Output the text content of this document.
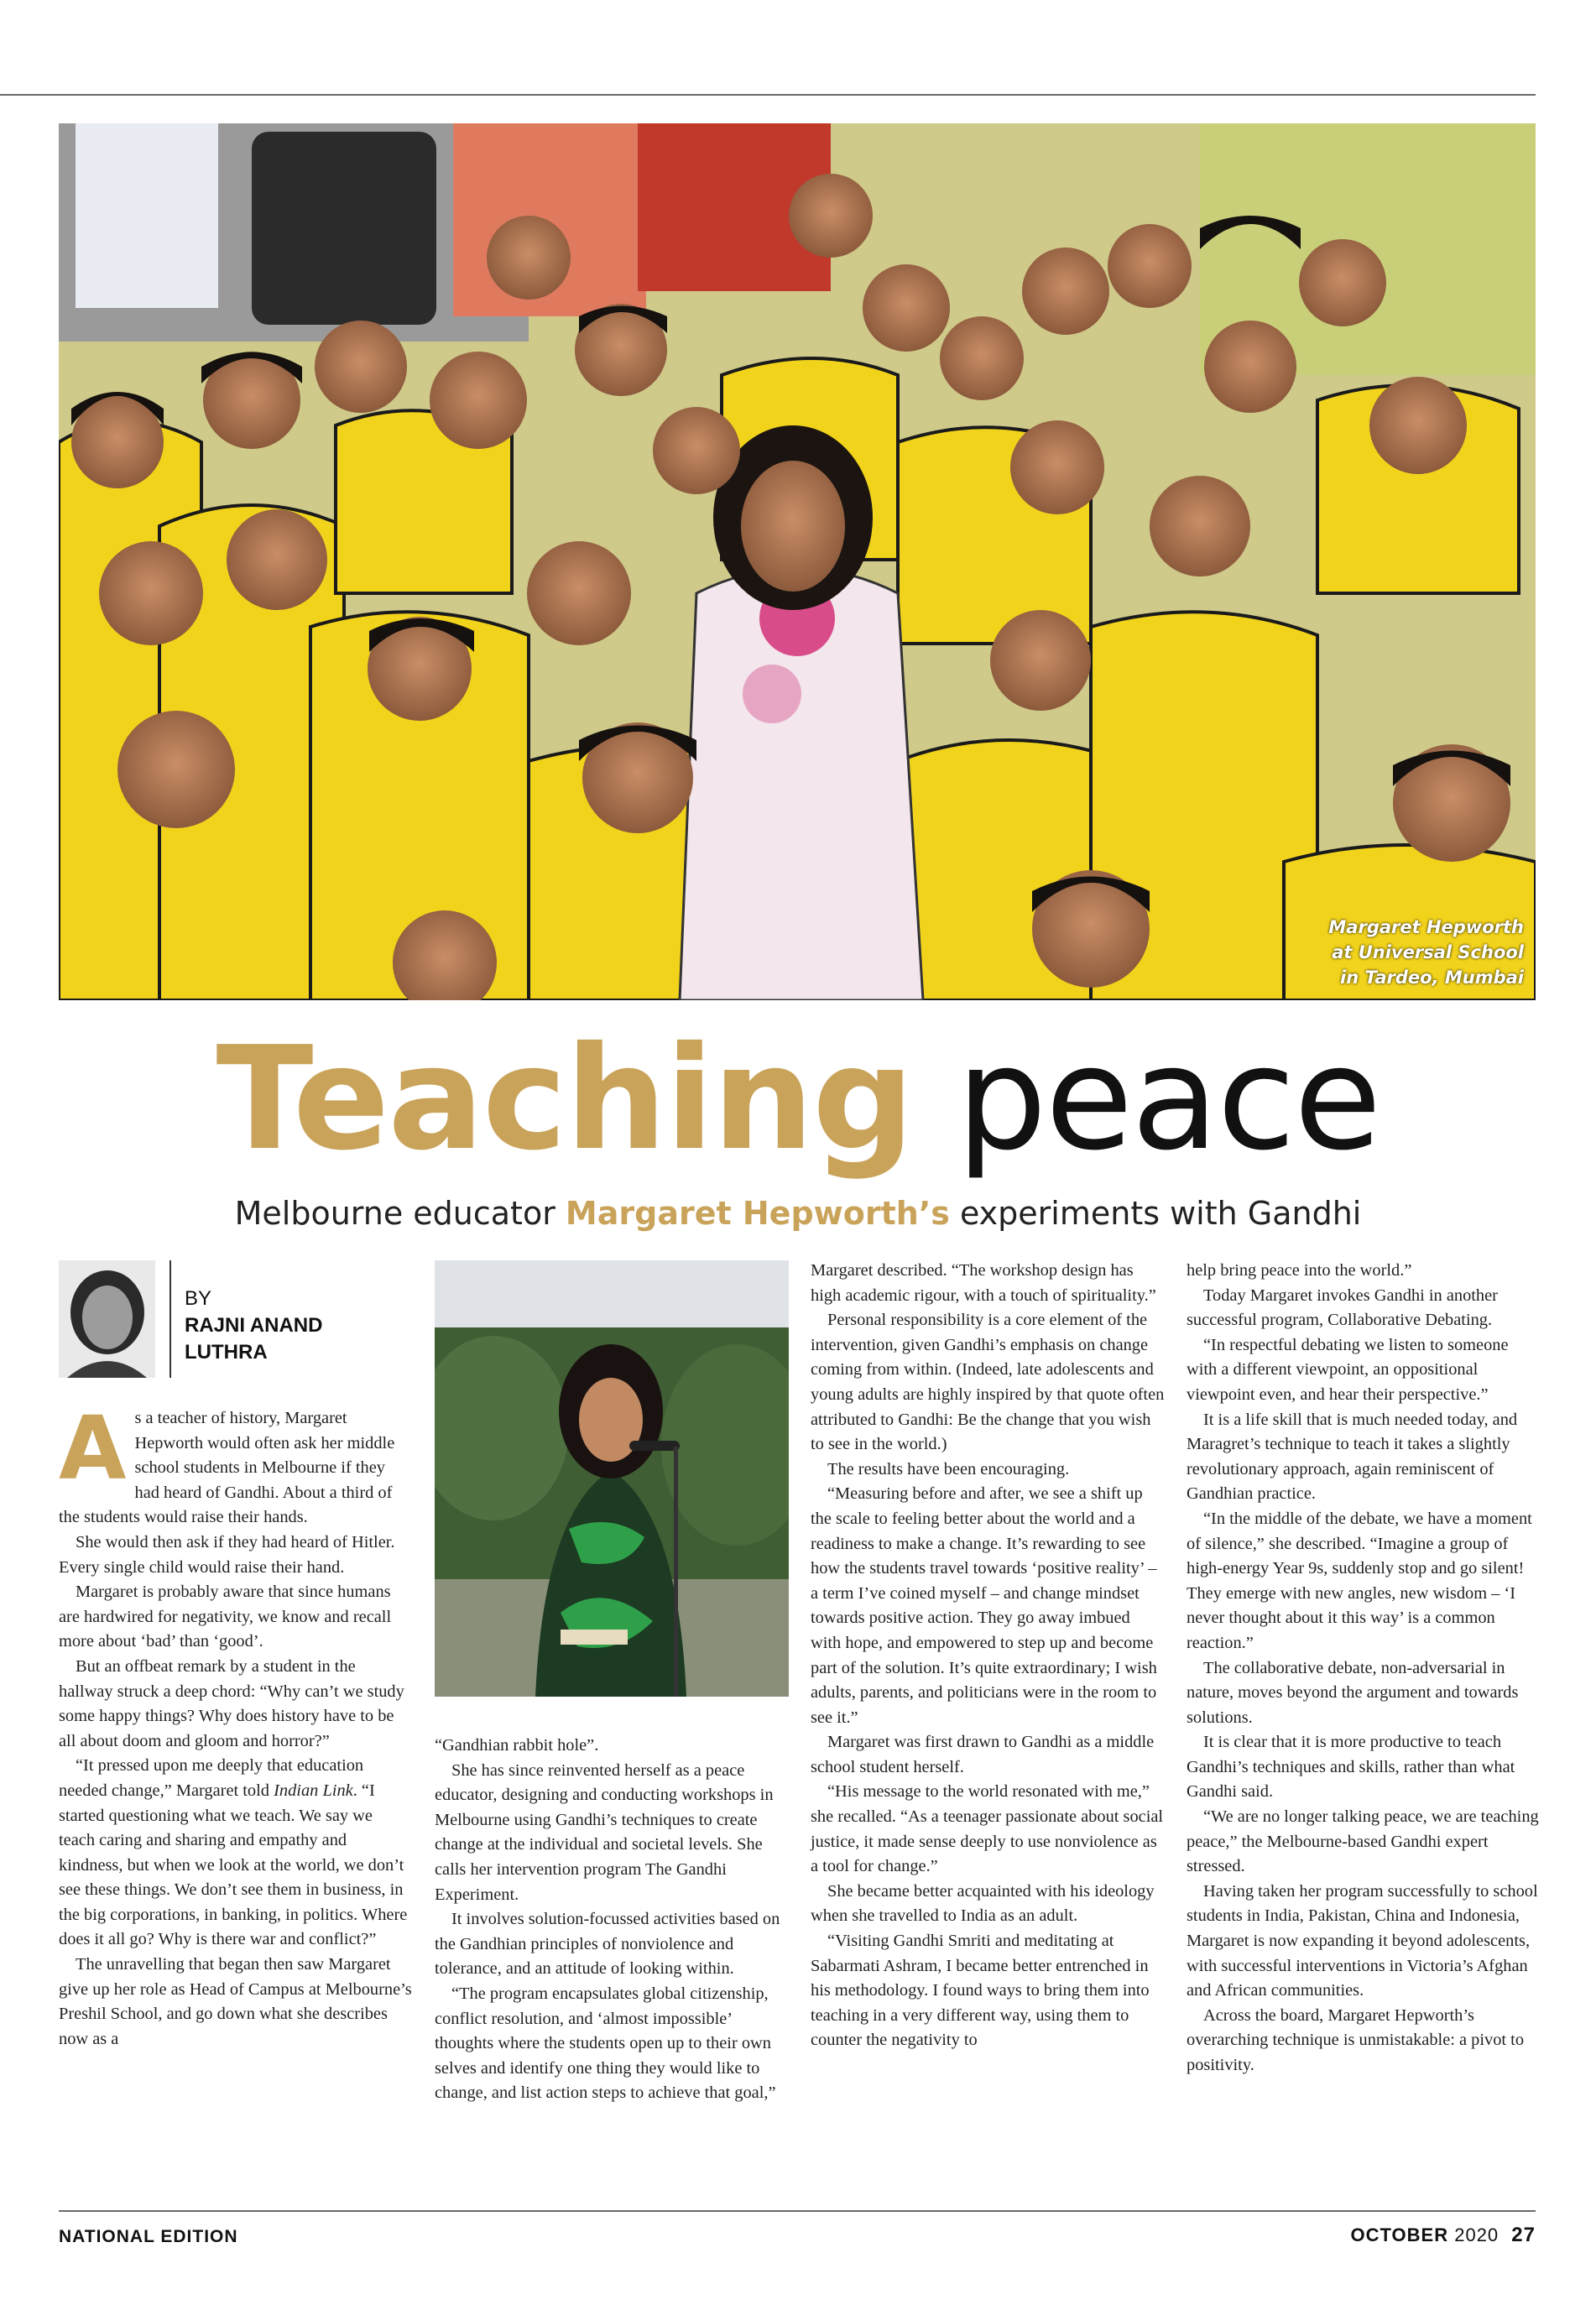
Margaret Hepworth
at Universal School
in Tardeo, Mumbai
Teaching peace
Melbourne educator Margaret Hepworth’s experiments with Gandhi
BY
RAJNI ANAND
LUTHRA

As a teacher of history, Margaret Hepworth would often ask her middle school students in Melbourne if they had heard of Gandhi. About a third of the students would raise their hands.

She would then ask if they had heard of Hitler. Every single child would raise their hand.

Margaret is probably aware that since humans are hardwired for negativity, we know and recall more about ‘bad’ than ‘good’.

But an offbeat remark by a student in the hallway struck a deep chord: “Why can’t we study some happy things? Why does history have to be all about doom and gloom and horror?”

“It pressed upon me deeply that education needed change,” Margaret told Indian Link. “I started questioning what we teach. We say we teach caring and sharing and empathy and kindness, but when we look at the world, we don’t see these things. We don’t see them in business, in the big corporations, in banking, in politics. Where does it all go? Why is there war and conflict?”

The unravelling that began then saw Margaret give up her role as Head of Campus at Melbourne’s Preshil School, and go down what she describes now as a

“Gandhian rabbit hole”.

She has since reinvented herself as a peace educator, designing and conducting workshops in Melbourne using Gandhi’s techniques to create change at the individual and societal levels. She calls her intervention program The Gandhi Experiment.

It involves solution-focussed activities based on the Gandhian principles of nonviolence and tolerance, and an attitude of looking within.

“The program encapsulates global citizenship, conflict resolution, and ‘almost impossible’ thoughts where the students open up to their own selves and identify one thing they would like to change, and list action steps to achieve that goal,”

Margaret described. “The workshop design has high academic rigour, with a touch of spirituality.”

Personal responsibility is a core element of the intervention, given Gandhi’s emphasis on change coming from within. (Indeed, late adolescents and young adults are highly inspired by that quote often attributed to Gandhi: Be the change that you wish to see in the world.)

The results have been encouraging.

“Measuring before and after, we see a shift up the scale to feeling better about the world and a readiness to make a change. It’s rewarding to see how the students travel towards ‘positive reality’ – a term I’ve coined myself – and change mindset towards positive action. They go away imbued with hope, and empowered to step up and become part of the solution. It’s quite extraordinary; I wish adults, parents, and politicians were in the room to see it.”

Margaret was first drawn to Gandhi as a middle school student herself.

“His message to the world resonated with me,” she recalled. “As a teenager passionate about social justice, it made sense deeply to use nonviolence as a tool for change.”

She became better acquainted with his ideology when she travelled to India as an adult.

“Visiting Gandhi Smriti and meditating at Sabarmati Ashram, I became better entrenched in his methodology. I found ways to bring them into teaching in a very different way, using them to counter the negativity to

help bring peace into the world.”

Today Margaret invokes Gandhi in another successful program, Collaborative Debating.

“In respectful debating we listen to someone with a different viewpoint, an oppositional viewpoint even, and hear their perspective.”

It is a life skill that is much needed today, and Maragret’s technique to teach it takes a slightly revolutionary approach, again reminiscent of Gandhian practice.

“In the middle of the debate, we have a moment of silence,” she described. “Imagine a group of high-energy Year 9s, suddenly stop and go silent! They emerge with new angles, new wisdom – ‘I never thought about it this way’ is a common reaction.”

The collaborative debate, non-adversarial in nature, moves beyond the argument and towards solutions.

It is clear that it is more productive to teach Gandhi’s techniques and skills, rather than what Gandhi said.

“We are no longer talking peace, we are teaching peace,” the Melbourne-based Gandhi expert stressed.

Having taken her program successfully to school students in India, Pakistan, China and Indonesia, Margaret is now expanding it beyond adolescents, with successful interventions in Victoria’s Afghan and African communities.

Across the board, Margaret Hepworth’s overarching technique is unmistakable: a pivot to positivity.

NATIONAL EDITION	OCTOBER 2020 27
